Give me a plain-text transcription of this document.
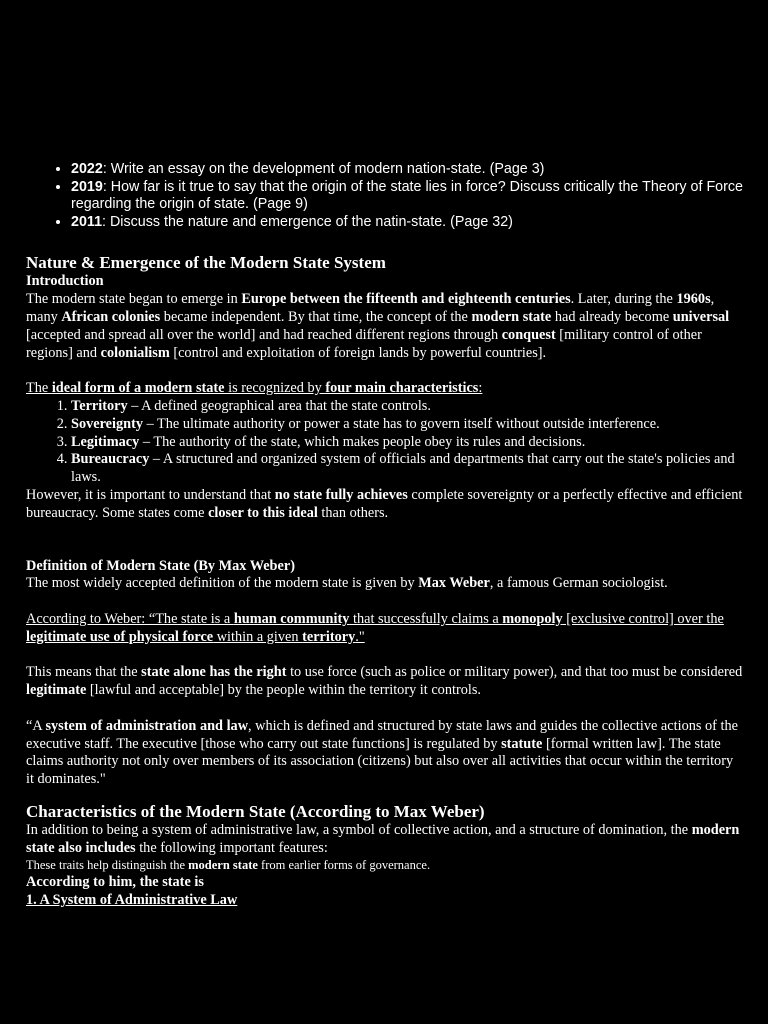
• 2022: Write an essay on the development of modern nation-state. (Page 3)
• 2019: How far is it true to say that the origin of the state lies in force? Discuss critically the Theory of Force regarding the origin of state. (Page 9)
• 2011: Discuss the nature and emergence of the natin-state. (Page 32)
Nature & Emergence of the Modern State System
Introduction

The modern state began to emerge in Europe between the fifteenth and eighteenth centuries. Later, during the 1960s, many African colonies became independent. By that time, the concept of the modern state had already become universal [accepted and spread all over the world] and had reached different regions through conquest [military control of other regions] and colonialism [control and exploitation of foreign lands by powerful countries].

The ideal form of a modern state is recognized by four main characteristics:

1. Territory – A defined geographical area that the state controls.
2. Sovereignty – The ultimate authority or power a state has to govern itself without outside interference.
3. Legitimacy – The authority of the state, which makes people obey its rules and decisions.
4. Bureaucracy – A structured and organized system of officials and departments that carry out the state's policies and laws.

However, it is important to understand that no state fully achieves complete sovereignty or a perfectly effective and efficient bureaucracy. Some states come closer to this ideal than others.

Definition of Modern State (By Max Weber)

The most widely accepted definition of the modern state is given by Max Weber, a famous German sociologist.

According to Weber: “The state is a human community that successfully claims a monopoly [exclusive control] over the legitimate use of physical force within a given territory."

This means that the state alone has the right to use force (such as police or military power), and that too must be considered legitimate [lawful and acceptable] by the people within the territory it controls.

“A system of administration and law, which is defined and structured by state laws and guides the collective actions of the executive staff. The executive [those who carry out state functions] is regulated by statute [formal written law]. The state claims authority not only over members of its association (citizens) but also over all activities that occur within the territory it dominates."

Characteristics of the Modern State (According to Max Weber)

In addition to being a system of administrative law, a symbol of collective action, and a structure of domination, the modern state also includes the following important features:

These traits help distinguish the modern state from earlier forms of governance.

According to him, the state is

1. A System of Administrative Law
